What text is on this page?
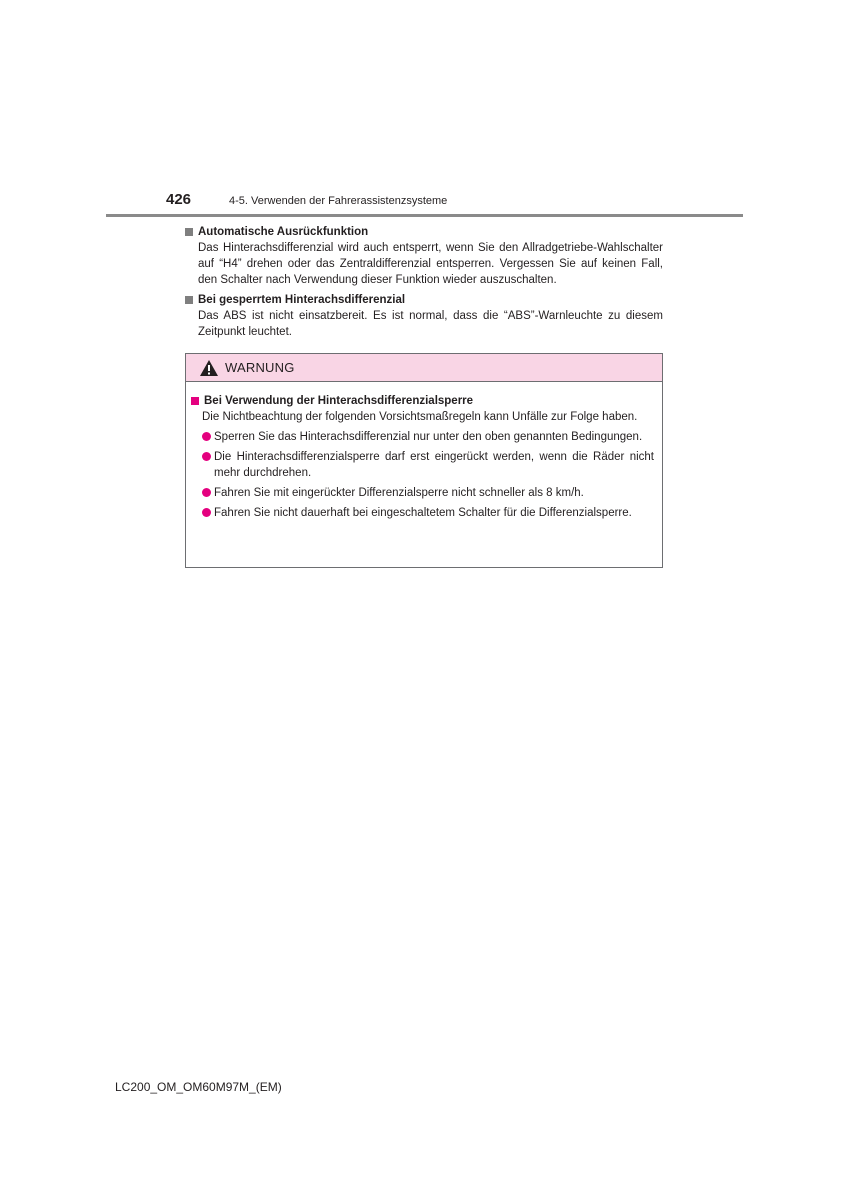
426	4-5. Verwenden der Fahrerassistenzsysteme

Automatische Ausrückfunktion

Das Hinterachsdifferenzial wird auch entsperrt, wenn Sie den Allradgetriebe-Wahlschalter auf “H4” drehen oder das Zentraldifferenzial entsperren. Vergessen Sie auf keinen Fall, den Schalter nach Verwendung dieser Funktion wieder auszuschalten.

Bei gesperrtem Hinterachsdifferenzial

Das ABS ist nicht einsatzbereit. Es ist normal, dass die “ABS”-Warnleuchte zu diesem Zeitpunkt leuchtet.

WARNUNG

Bei Verwendung der Hinterachsdifferenzialsperre

Die Nichtbeachtung der folgenden Vorsichtsmaßregeln kann Unfälle zur Folge haben.

Sperren Sie das Hinterachsdifferenzial nur unter den oben genannten Bedingungen.
Die Hinterachsdifferenzialsperre darf erst eingerückt werden, wenn die Räder nicht mehr durchdrehen.
Fahren Sie mit eingerückter Differenzialsperre nicht schneller als 8 km/h.
Fahren Sie nicht dauerhaft bei eingeschaltetem Schalter für die Differenzialsperre.
LC200_OM_OM60M97M_(EM)
